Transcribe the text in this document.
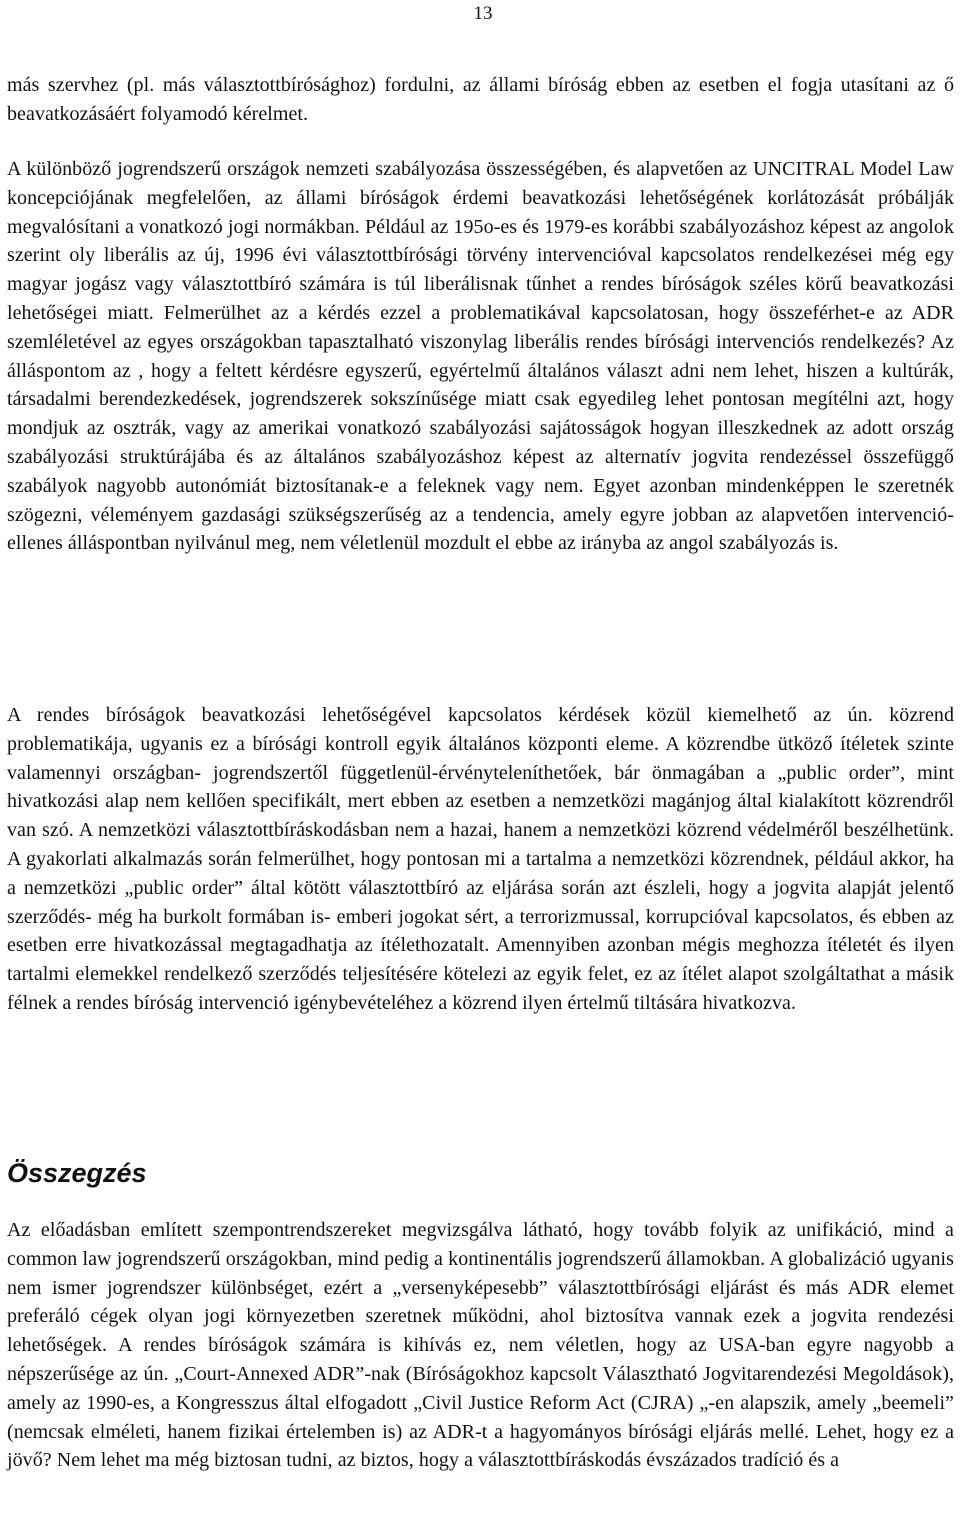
13

más szervhez (pl. más választottbírósághoz) fordulni, az állami bíróság ebben az esetben el fogja utasítani az ő beavatkozásáért folyamodó kérelmet.

A különböző jogrendszerű országok nemzeti szabályozása összességében, és alapvetően az UNCITRAL Model Law koncepciójának megfelelően, az állami bíróságok érdemi beavatkozási lehetőségének korlátozását próbálják megvalósítani a vonatkozó jogi normákban. Például az 195o-es és 1979-es korábbi szabályozáshoz képest az angolok szerint oly liberális az új, 1996 évi választottbírósági törvény intervencióval kapcsolatos rendelkezései még egy magyar jogász vagy választottbíró számára is túl liberálisnak tűnhet a rendes bíróságok széles körű beavatkozási lehetőségei miatt. Felmerülhet az a kérdés ezzel a problematikával kapcsolatosan, hogy összeférhet-e az ADR szemléletével az egyes országokban tapasztalható viszonylag liberális rendes bírósági intervenciós rendelkezés? Az álláspontom az , hogy a feltett kérdésre egyszerű, egyértelmű általános választ adni nem lehet, hiszen a kultúrák, társadalmi berendezkedések, jogrendszerek sokszínűsége miatt csak egyedileg lehet pontosan megítélni azt, hogy mondjuk az osztrák, vagy az amerikai vonatkozó szabályozási sajátosságok hogyan illeszkednek az adott ország szabályozási struktúrájába és az általános szabályozáshoz képest az alternatív jogvita rendezéssel összefüggő szabályok nagyobb autonómiát biztosítanak-e a feleknek vagy nem. Egyet azonban mindenképpen le szeretnék szögezni, véleményem gazdasági szükségszerűség az a tendencia, amely egyre jobban az alapvetően intervenció-ellenes álláspontban nyilvánul meg, nem véletlenül mozdult el ebbe az irányba az angol szabályozás is.

A rendes bíróságok beavatkozási lehetőségével kapcsolatos kérdések közül kiemelhető az ún. közrend problematikája, ugyanis ez a bírósági kontroll egyik általános központi eleme. A közrendbe ütköző ítéletek szinte valamennyi országban- jogrendszertől függetlenül-érvényteleníthetőek, bár önmagában a „public order”, mint hivatkozási alap nem kellően specifikált, mert ebben az esetben a nemzetközi magánjog által kialakított közrendről van szó. A nemzetközi választottbíráskodásban nem a hazai, hanem a nemzetközi közrend védelméről beszélhetünk. A gyakorlati alkalmazás során felmerülhet, hogy pontosan mi a tartalma a nemzetközi közrendnek, például akkor, ha a nemzetközi „public order” által kötött választottbíró az eljárása során azt észleli, hogy a jogvita alapját jelentő szerződés- még ha burkolt formában is- emberi jogokat sért, a terrorizmussal, korrupcióval kapcsolatos, és ebben az esetben erre hivatkozással megtagadhatja az ítélethozatalt. Amennyiben azonban mégis meghozza ítéletét és ilyen tartalmi elemekkel rendelkező szerződés teljesítésére kötelezi az egyik felet, ez az ítélet alapot szolgáltathat a másik félnek a rendes bíróság intervenció igénybevételéhez a közrend ilyen értelmű tiltására hivatkozva.

Összegzés

Az előadásban említett szempontrendszereket megvizsgálva látható, hogy tovább folyik az unifikáció, mind a common law jogrendszerű országokban, mind pedig a kontinentális jogrendszerű államokban. A globalizáció ugyanis nem ismer jogrendszer különbséget, ezért a „versenyképesebb” választottbírósági eljárást és más ADR elemet preferáló cégek olyan jogi környezetben szeretnek működni, ahol biztosítva vannak ezek a jogvita rendezési lehetőségek. A rendes bíróságok számára is kihívás ez, nem véletlen, hogy az USA-ban egyre nagyobb a népszerűsége az ún. „Court-Annexed ADR”-nak (Bíróságokhoz kapcsolt Választható Jogvitarendezési Megoldások), amely az 1990-es, a Kongresszus által elfogadott „Civil Justice Reform Act (CJRA) „-en alapszik, amely „beemeli” (nemcsak elméleti, hanem fizikai értelemben is) az ADR-t a hagyományos bírósági eljárás mellé. Lehet, hogy ez a jövő? Nem lehet ma még biztosan tudni, az biztos, hogy a választottbíráskodás évszázados tradíció és a
